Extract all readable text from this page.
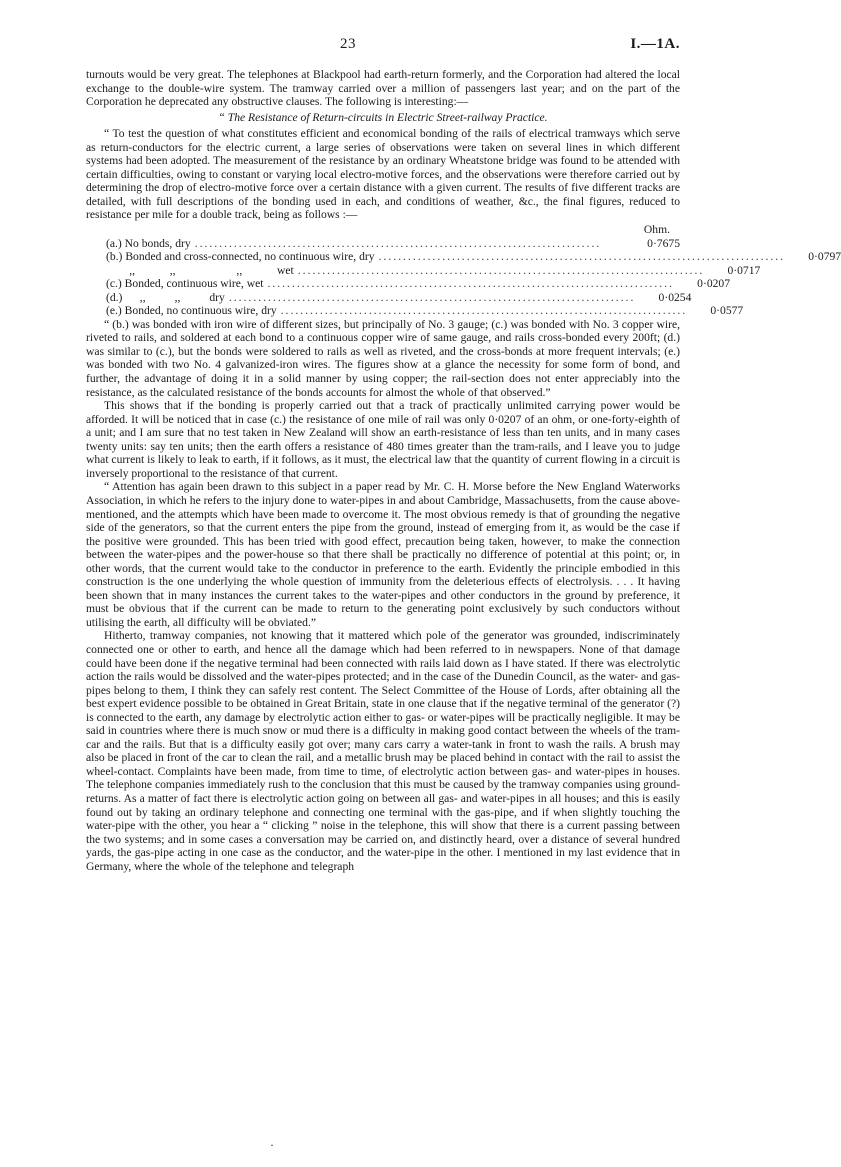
23	I.—1A.

turnouts would be very great. The telephones at Blackpool had earth-return formerly, and the Corporation had altered the local exchange to the double-wire system. The tramway carried over a million of passengers last year; and on the part of the Corporation he deprecated any obstructive clauses. The following is interesting:—

“ The Resistance of Return-circuits in Electric Street-railway Practice.

“ To test the question of what constitutes efficient and economical bonding of the rails of electrical tramways which serve as return-conductors for the electric current, a large series of observations were taken on several lines in which different systems had been adopted. The measurement of the resistance by an ordinary Wheatstone bridge was found to be attended with certain difficulties, owing to constant or varying local electro-motive forces, and the observations were therefore carried out by determining the drop of electro-motive force over a certain distance with a given current. The results of five different tracks are detailed, with full descriptions of the bonding used in each, and conditions of weather, &c., the final figures, reduced to resistance per mile for a double track, being as follows :—

Ohm.
(a.) No bonds, dry ...................................................................................	0·7675
(b.) Bonded and cross-connected, no continuous wire, dry ...................................................................................	0·0797
,,            ,,                     ,,            wet ...................................................................................	0·0717
(c.) Bonded, continuous wire, wet ...................................................................................	0·0207
(d.)      ,,          ,,          dry ...................................................................................	0·0254
(e.) Bonded, no continuous wire, dry ...................................................................................	0·0577

“ (b.) was bonded with iron wire of different sizes, but principally of No. 3 gauge; (c.) was bonded with No. 3 copper wire, riveted to rails, and soldered at each bond to a continuous copper wire of same gauge, and rails cross-bonded every 200ft; (d.) was similar to (c.), but the bonds were soldered to rails as well as riveted, and the cross-bonds at more frequent intervals; (e.) was bonded with two No. 4 galvanized-iron wires. The figures show at a glance the necessity for some form of bond, and further, the advantage of doing it in a solid manner by using copper; the rail-section does not enter appreciably into the resistance, as the calculated resistance of the bonds accounts for almost the whole of that observed.”

This shows that if the bonding is properly carried out that a track of practically unlimited carrying power would be afforded. It will be noticed that in case (c.) the resistance of one mile of rail was only 0·0207 of an ohm, or one-forty-eighth of a unit; and I am sure that no test taken in New Zealand will show an earth-resistance of less than ten units, and in many cases twenty units: say ten units; then the earth offers a resistance of 480 times greater than the tram-rails, and I leave you to judge what current is likely to leak to earth, if it follows, as it must, the electrical law that the quantity of current flowing in a circuit is inversely proportional to the resistance of that current.

“ Attention has again been drawn to this subject in a paper read by Mr. C. H. Morse before the New England Waterworks Association, in which he refers to the injury done to water-pipes in and about Cambridge, Massachusetts, from the cause above-mentioned, and the attempts which have been made to overcome it. The most obvious remedy is that of grounding the negative side of the generators, so that the current enters the pipe from the ground, instead of emerging from it, as would be the case if the positive were grounded. This has been tried with good effect, precaution being taken, however, to make the connection between the water-pipes and the power-house so that there shall be practically no difference of potential at this point; or, in other words, that the current would take to the conductor in preference to the earth. Evidently the principle embodied in this construction is the one underlying the whole question of immunity from the deleterious effects of electrolysis. . . . It having been shown that in many instances the current takes to the water-pipes and other conductors in the ground by preference, it must be obvious that if the current can be made to return to the generating point exclusively by such conductors without utilising the earth, all difficulty will be obviated.”

Hitherto, tramway companies, not knowing that it mattered which pole of the generator was grounded, indiscriminately connected one or other to earth, and hence all the damage which had been referred to in newspapers. None of that damage could have been done if the negative terminal had been connected with rails laid down as I have stated. If there was electrolytic action the rails would be dissolved and the water-pipes protected; and in the case of the Dunedin Council, as the water- and gas-pipes belong to them, I think they can safely rest content. The Select Committee of the House of Lords, after obtaining all the best expert evidence possible to be obtained in Great Britain, state in one clause that if the negative terminal of the generator (?) is connected to the earth, any damage by electrolytic action either to gas- or water-pipes will be practically negligible. It may be said in countries where there is much snow or mud there is a difficulty in making good contact between the wheels of the tram-car and the rails. But that is a difficulty easily got over; many cars carry a water-tank in front to wash the rails. A brush may also be placed in front of the car to clean the rail, and a metallic brush may be placed behind in contact with the rail to assist the wheel-contact. Complaints have been made, from time to time, of electrolytic action between gas- and water-pipes in houses. The telephone companies immediately rush to the conclusion that this must be caused by the tramway companies using ground-returns. As a matter of fact there is electrolytic action going on between all gas- and water-pipes in all houses; and this is easily found out by taking an ordinary telephone and connecting one terminal with the gas-pipe, and if when slightly touching the water-pipe with the other, you hear a “ clicking ” noise in the telephone, this will show that there is a current passing between the two systems; and in some cases a conversation may be carried on, and distinctly heard, over a distance of several hundred yards, the gas-pipe acting in one case as the conductor, and the water-pipe in the other. I mentioned in my last evidence that in Germany, where the whole of the telephone and telegraph

·
